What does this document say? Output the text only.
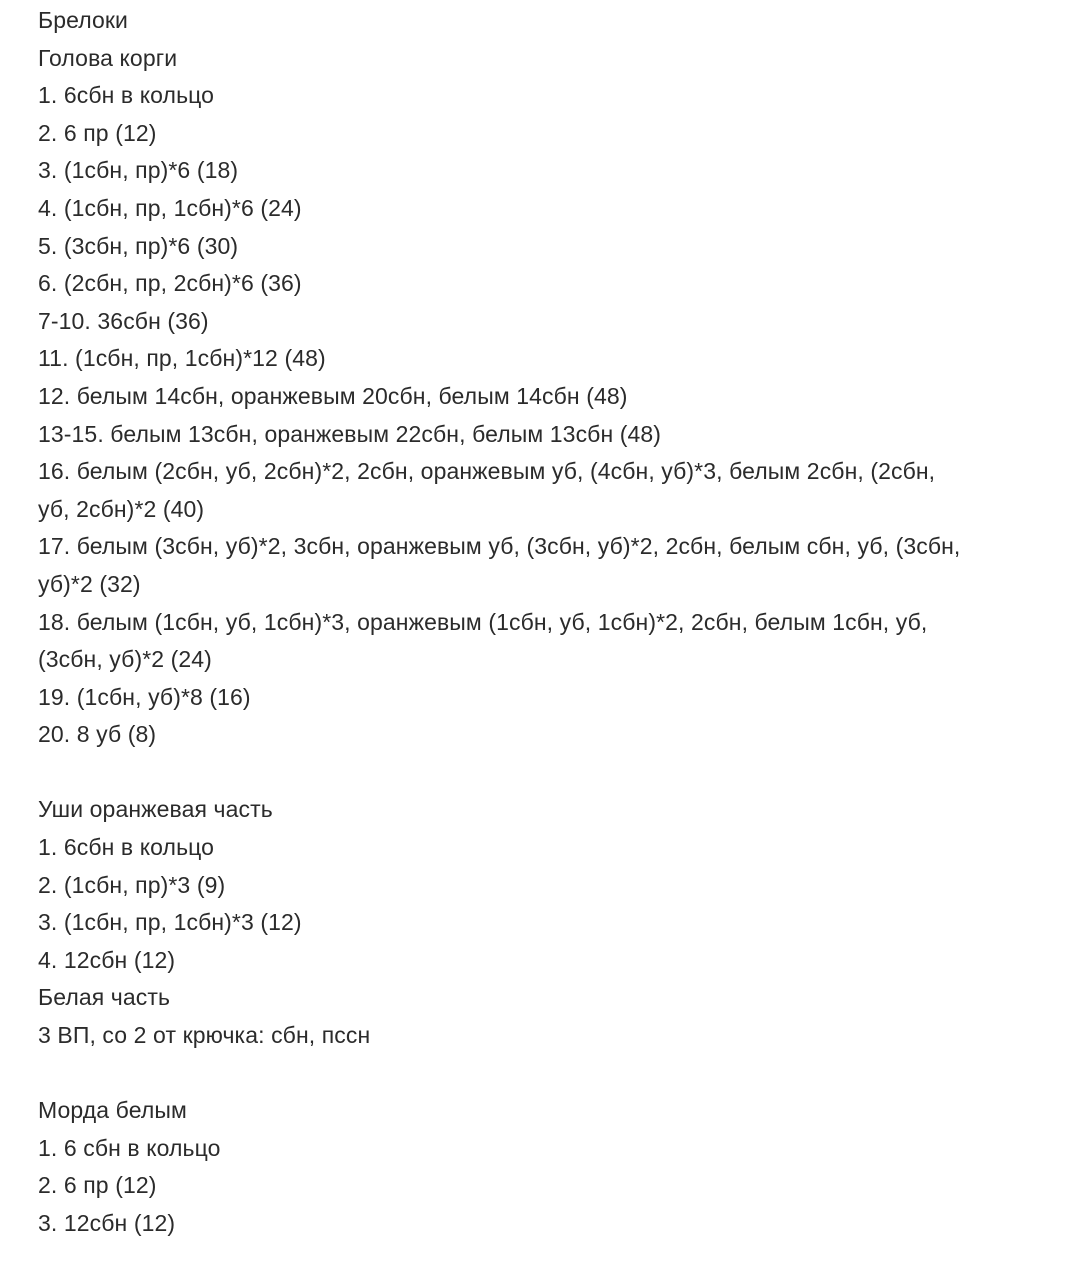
Брелоки
Голова корги
1. 6сбн в кольцо
2. 6 пр (12)
3. (1сбн, пр)*6 (18)
4. (1сбн, пр, 1сбн)*6 (24)
5. (3сбн, пр)*6 (30)
6. (2сбн, пр, 2сбн)*6 (36)
7-10. 36сбн (36)
11. (1сбн, пр, 1сбн)*12 (48)
12. белым 14сбн, оранжевым 20сбн, белым 14сбн (48)
13-15. белым 13сбн, оранжевым 22сбн, белым 13сбн (48)
16. белым (2сбн, уб, 2сбн)*2, 2сбн, оранжевым уб, (4сбн, уб)*3, белым 2сбн, (2сбн,
уб, 2сбн)*2 (40)
17. белым (3сбн, уб)*2, 3сбн, оранжевым уб, (3сбн, уб)*2, 2сбн, белым сбн, уб, (3сбн,
уб)*2 (32)
18. белым (1сбн, уб, 1сбн)*3, оранжевым (1сбн, уб, 1сбн)*2, 2сбн, белым 1сбн, уб,
(3сбн, уб)*2 (24)
19. (1сбн, уб)*8 (16)
20. 8 уб (8)
Уши оранжевая часть
1. 6сбн в кольцо
2. (1сбн, пр)*3 (9)
3. (1сбн, пр, 1сбн)*3 (12)
4. 12сбн (12)
Белая часть
3 ВП, со 2 от крючка: сбн, пссн
Морда белым
1. 6 сбн в кольцо
2. 6 пр (12)
3. 12сбн (12)
